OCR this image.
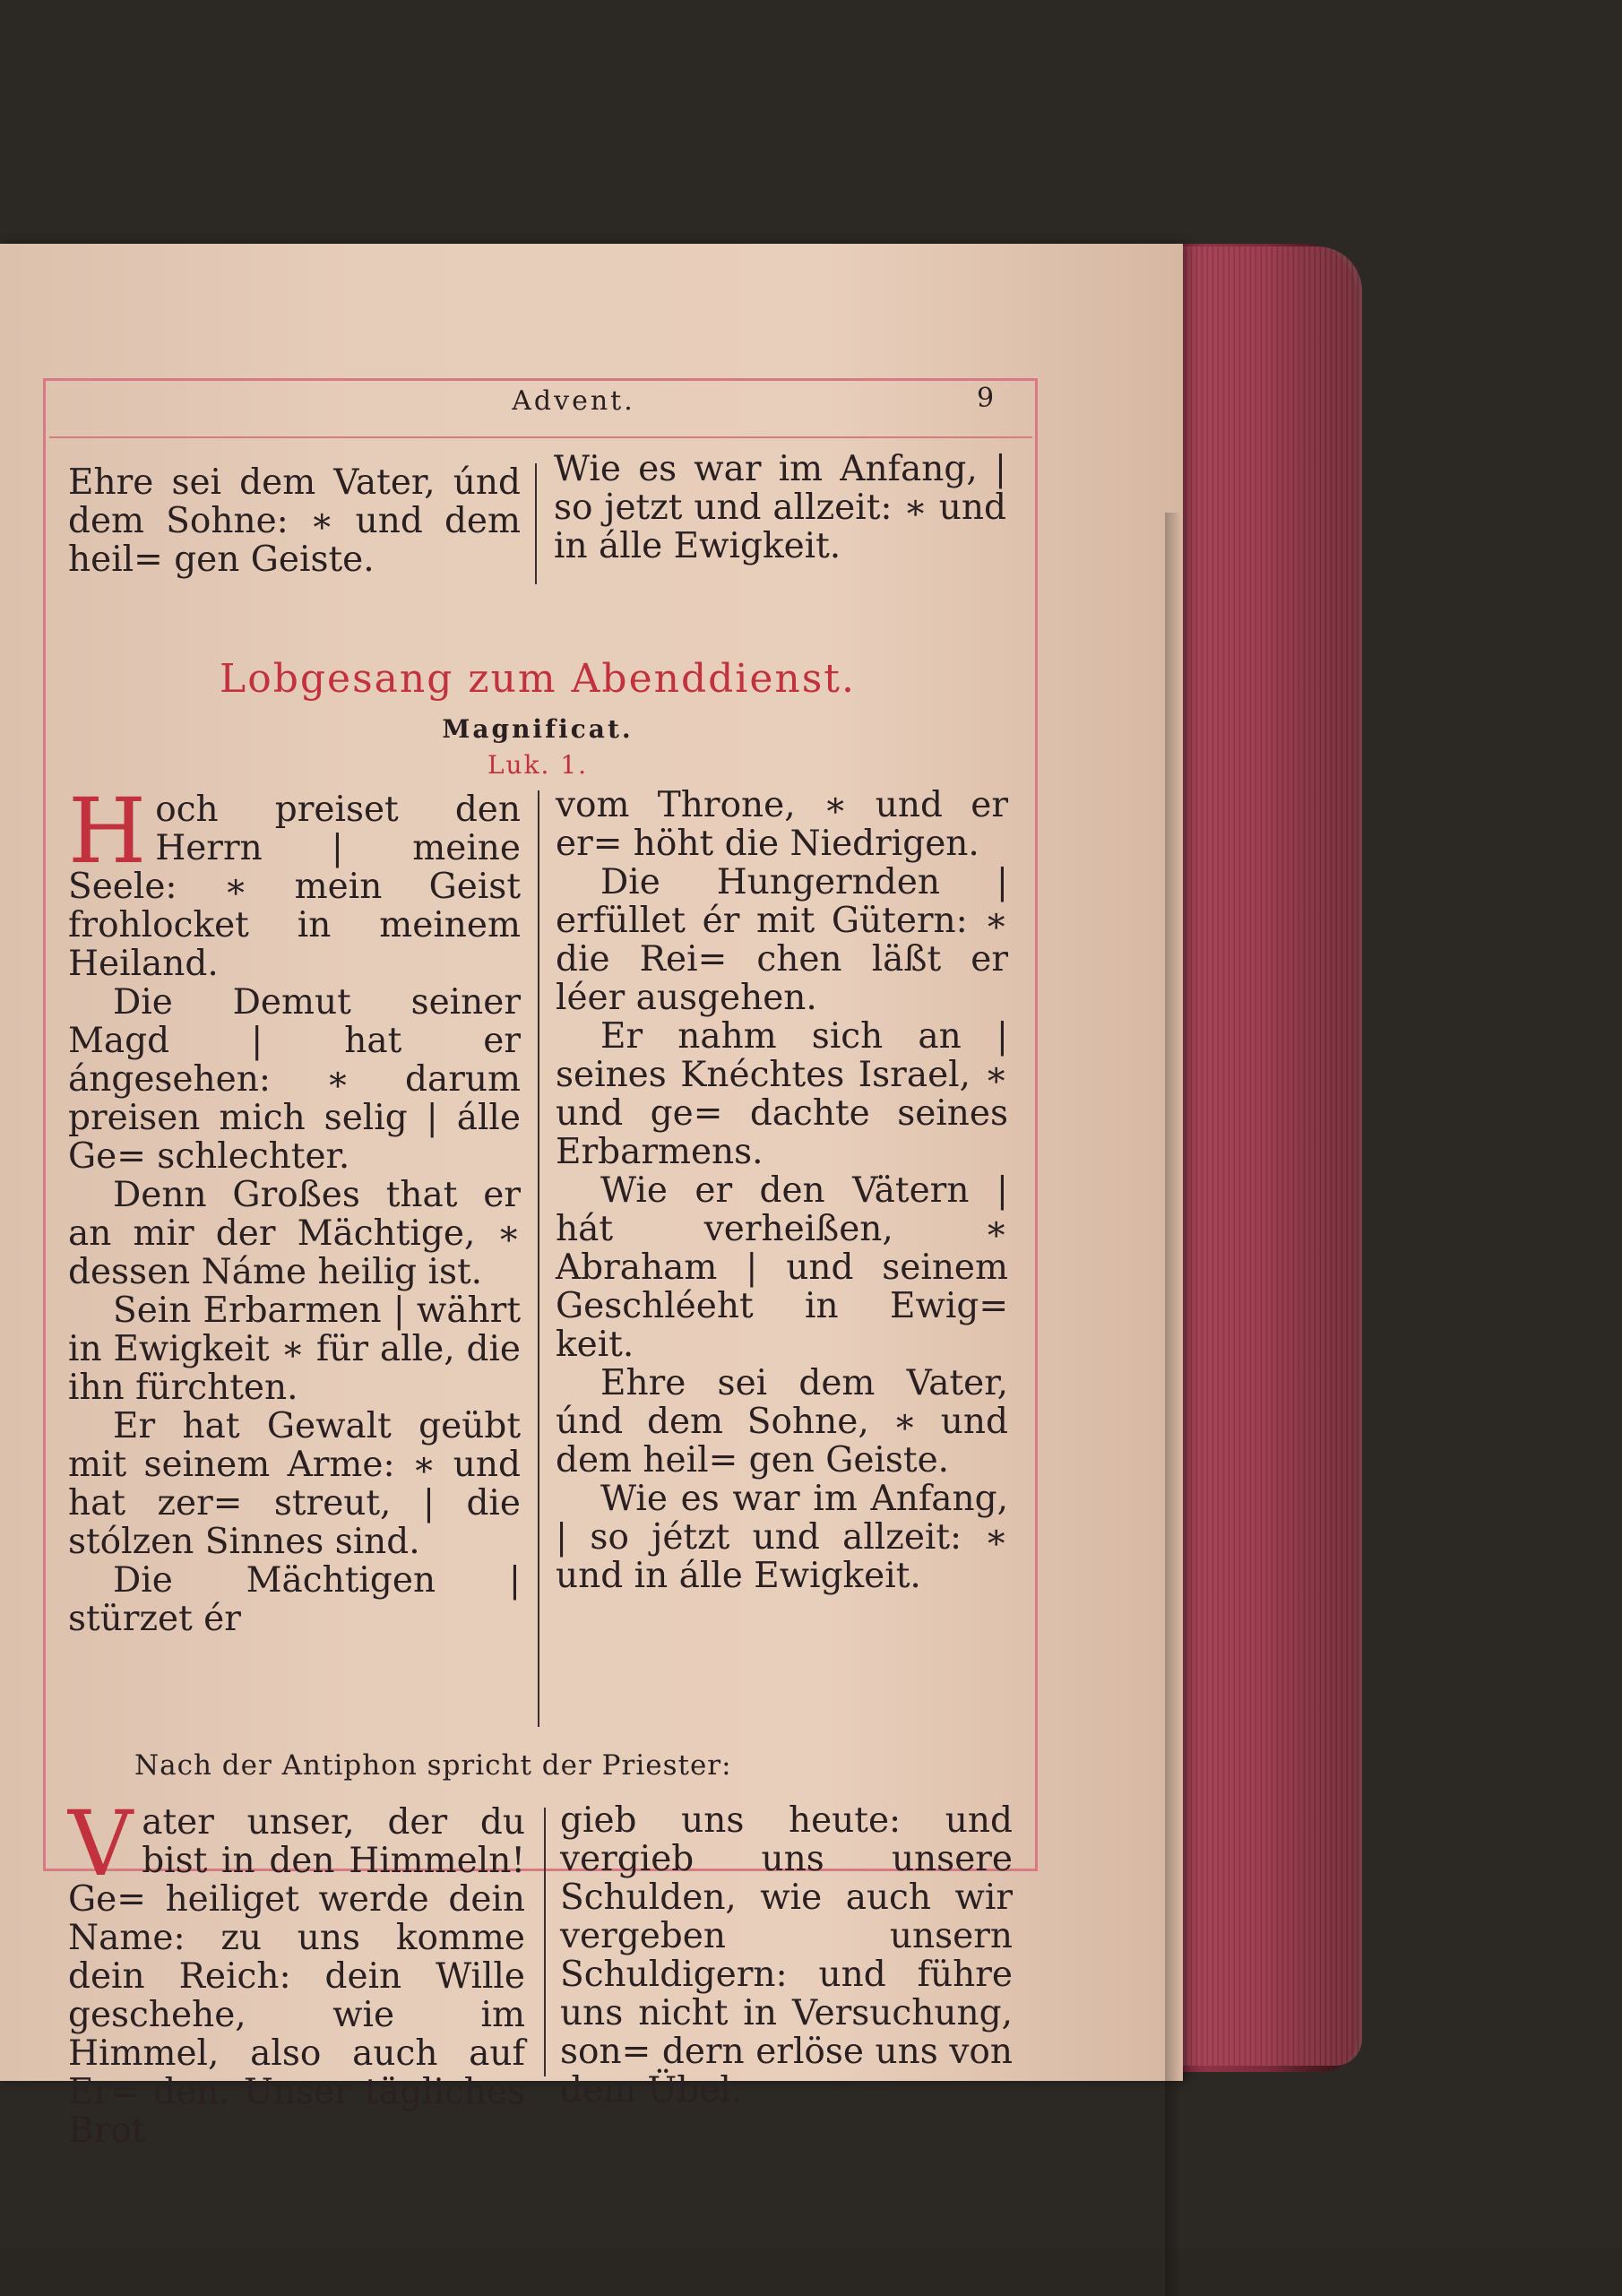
Advent.	9

Ehre sei dem Vater, únd dem Sohne: ∗ und dem heil= gen Geiste.

Wie es war im Anfang, | so jetzt und allzeit: ∗ und in álle Ewigkeit.

Lobgesang zum Abenddienst.
Magnificat.
Luk. 1.
H och preiset den Herrn | meine Seele: ∗ mein Geist frohlocket in meinem Heiland.

Die Demut seiner Magd | hat er ángesehen: ∗ darum preisen mich selig | álle Ge= schlechter.

Denn Großes that er an mir der Mächtige, ∗ dessen Náme heilig ist.

Sein Erbarmen | währt in Ewigkeit ∗ für alle, die ihn fürchten.

Er hat Gewalt geübt mit seinem Arme: ∗ und hat zer= streut, | die stólzen Sinnes sind.

Die Mächtigen | stürzet ér

vom Throne, ∗ und er er= höht die Niedrigen.

Die Hungernden | erfüllet ér mit Gütern: ∗ die Rei= chen läßt er léer ausgehen.

Er nahm sich an | seines Knéchtes Israel, ∗ und ge= dachte seines Erbarmens.

Wie er den Vätern | hát verheißen, ∗ Abraham | und seinem Geschléeht in Ewig= keit.

Ehre sei dem Vater, únd dem Sohne, ∗ und dem heil= gen Geiste.

Wie es war im Anfang, | so jétzt und allzeit: ∗ und in álle Ewigkeit.

Nach der Antiphon spricht der Priester:
V ater unser, der du bist in den Himmeln! Ge= heiliget werde dein Name: zu uns komme dein Reich: dein Wille geschehe, wie im Himmel, also auch auf Er= den. Unser tägliches Brot

gieb uns heute: und vergieb uns unsere Schulden, wie auch wir vergeben unsern Schuldigern: und führe uns nicht in Versuchung, son= dern erlöse uns von dem Übel.
